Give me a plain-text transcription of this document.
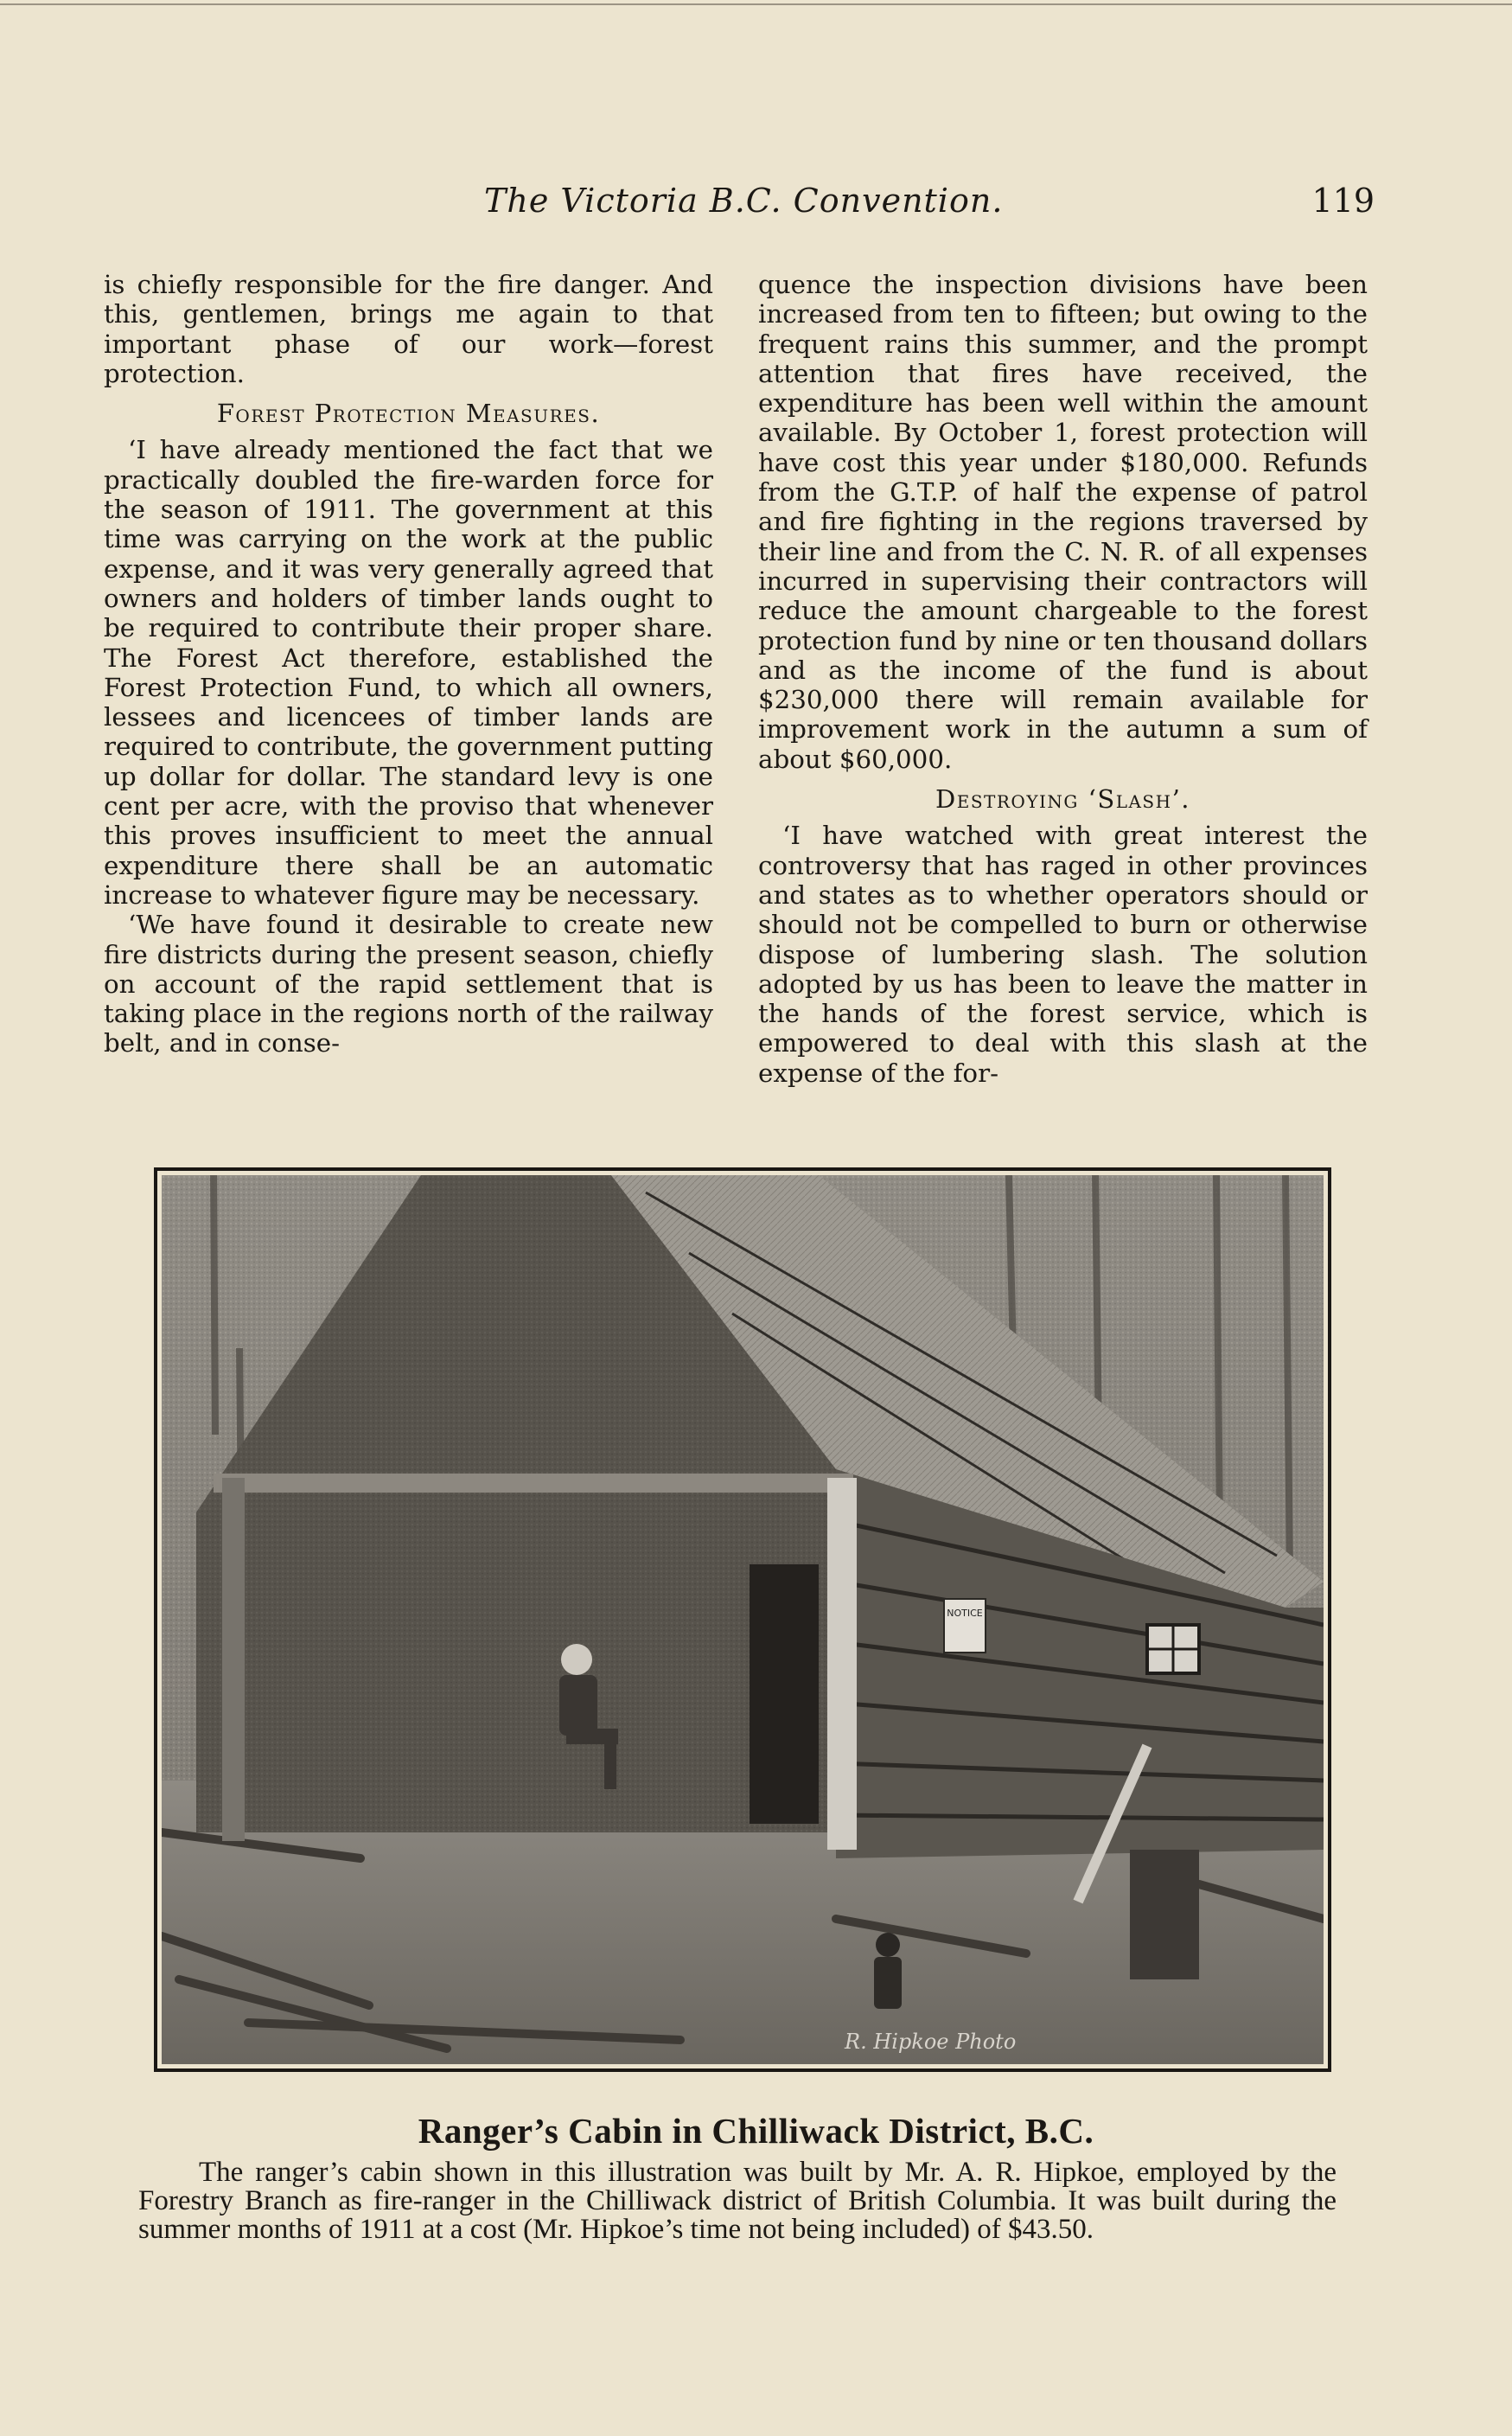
The Victoria B.C. Convention.	119

is chiefly responsible for the fire danger. And this, gentlemen, brings me again to that important phase of our work—forest protection.

Forest Protection Measures.

‘I have already mentioned the fact that we practically doubled the fire-warden force for the season of 1911. The government at this time was carrying on the work at the public expense, and it was very generally agreed that owners and holders of timber lands ought to be required to contribute their proper share. The Forest Act therefore, established the Forest Protection Fund, to which all owners, lessees and licencees of timber lands are required to contribute, the government putting up dollar for dollar. The standard levy is one cent per acre, with the proviso that whenever this proves insufficient to meet the annual expenditure there shall be an automatic increase to whatever figure may be necessary.

‘We have found it desirable to create new fire districts during the present season, chiefly on account of the rapid settlement that is taking place in the regions north of the railway belt, and in conse-

quence the inspection divisions have been increased from ten to fifteen; but owing to the frequent rains this summer, and the prompt attention that fires have received, the expenditure has been well within the amount available. By October 1, forest protection will have cost this year under $180,000. Refunds from the G.T.P. of half the expense of patrol and fire fighting in the regions traversed by their line and from the C. N. R. of all expenses incurred in supervising their contractors will reduce the amount chargeable to the forest protection fund by nine or ten thousand dollars and as the income of the fund is about $230,000 there will remain available for improvement work in the autumn a sum of about $60,000.

Destroying ‘Slash’.

‘I have watched with great interest the controversy that has raged in other provinces and states as to whether operators should or should not be compelled to burn or otherwise dispose of lumbering slash. The solution adopted by us has been to leave the matter in the hands of the forest service, which is empowered to deal with this slash at the expense of the for-

NOTICE
R. Hipkoe Photo
Ranger’s Cabin in Chilliwack District, B.C.

The ranger’s cabin shown in this illustration was built by Mr. A. R. Hipkoe, employed by the Forestry Branch as fire-ranger in the Chilliwack district of British Columbia. It was built during the summer months of 1911 at a cost (Mr. Hipkoe’s time not being included) of $43.50.
